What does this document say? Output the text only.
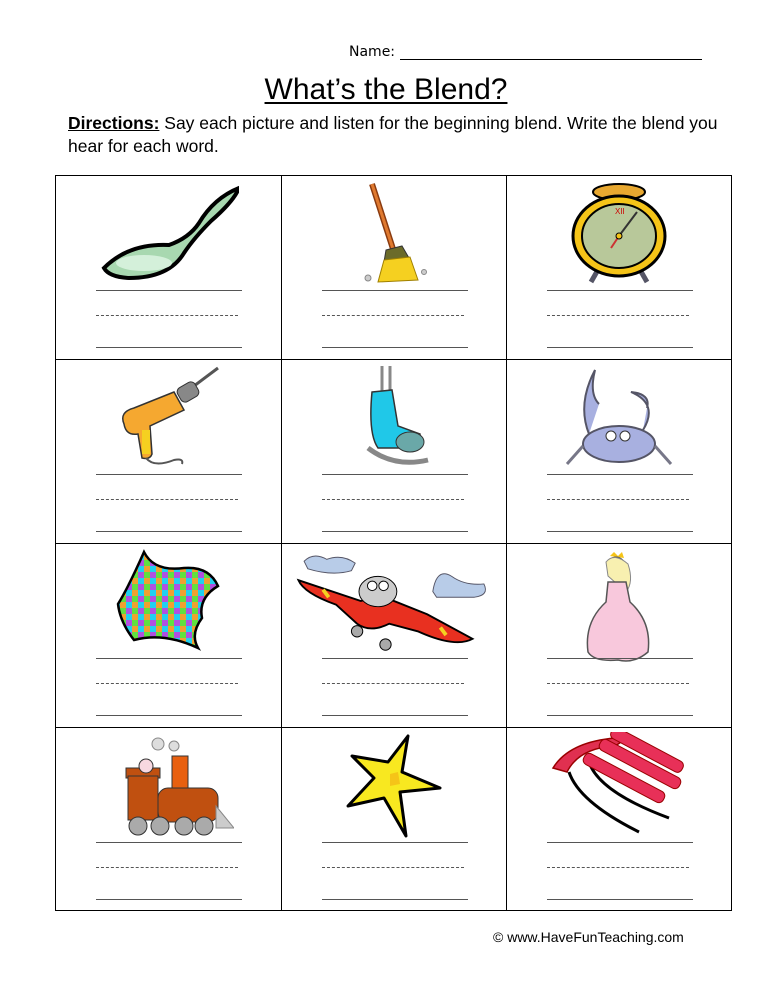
Name:
What’s the Blend?
Directions: Say each picture and listen for the beginning blend. Write the blend you hear for each word.
XII
© www.HaveFunTeaching.com
